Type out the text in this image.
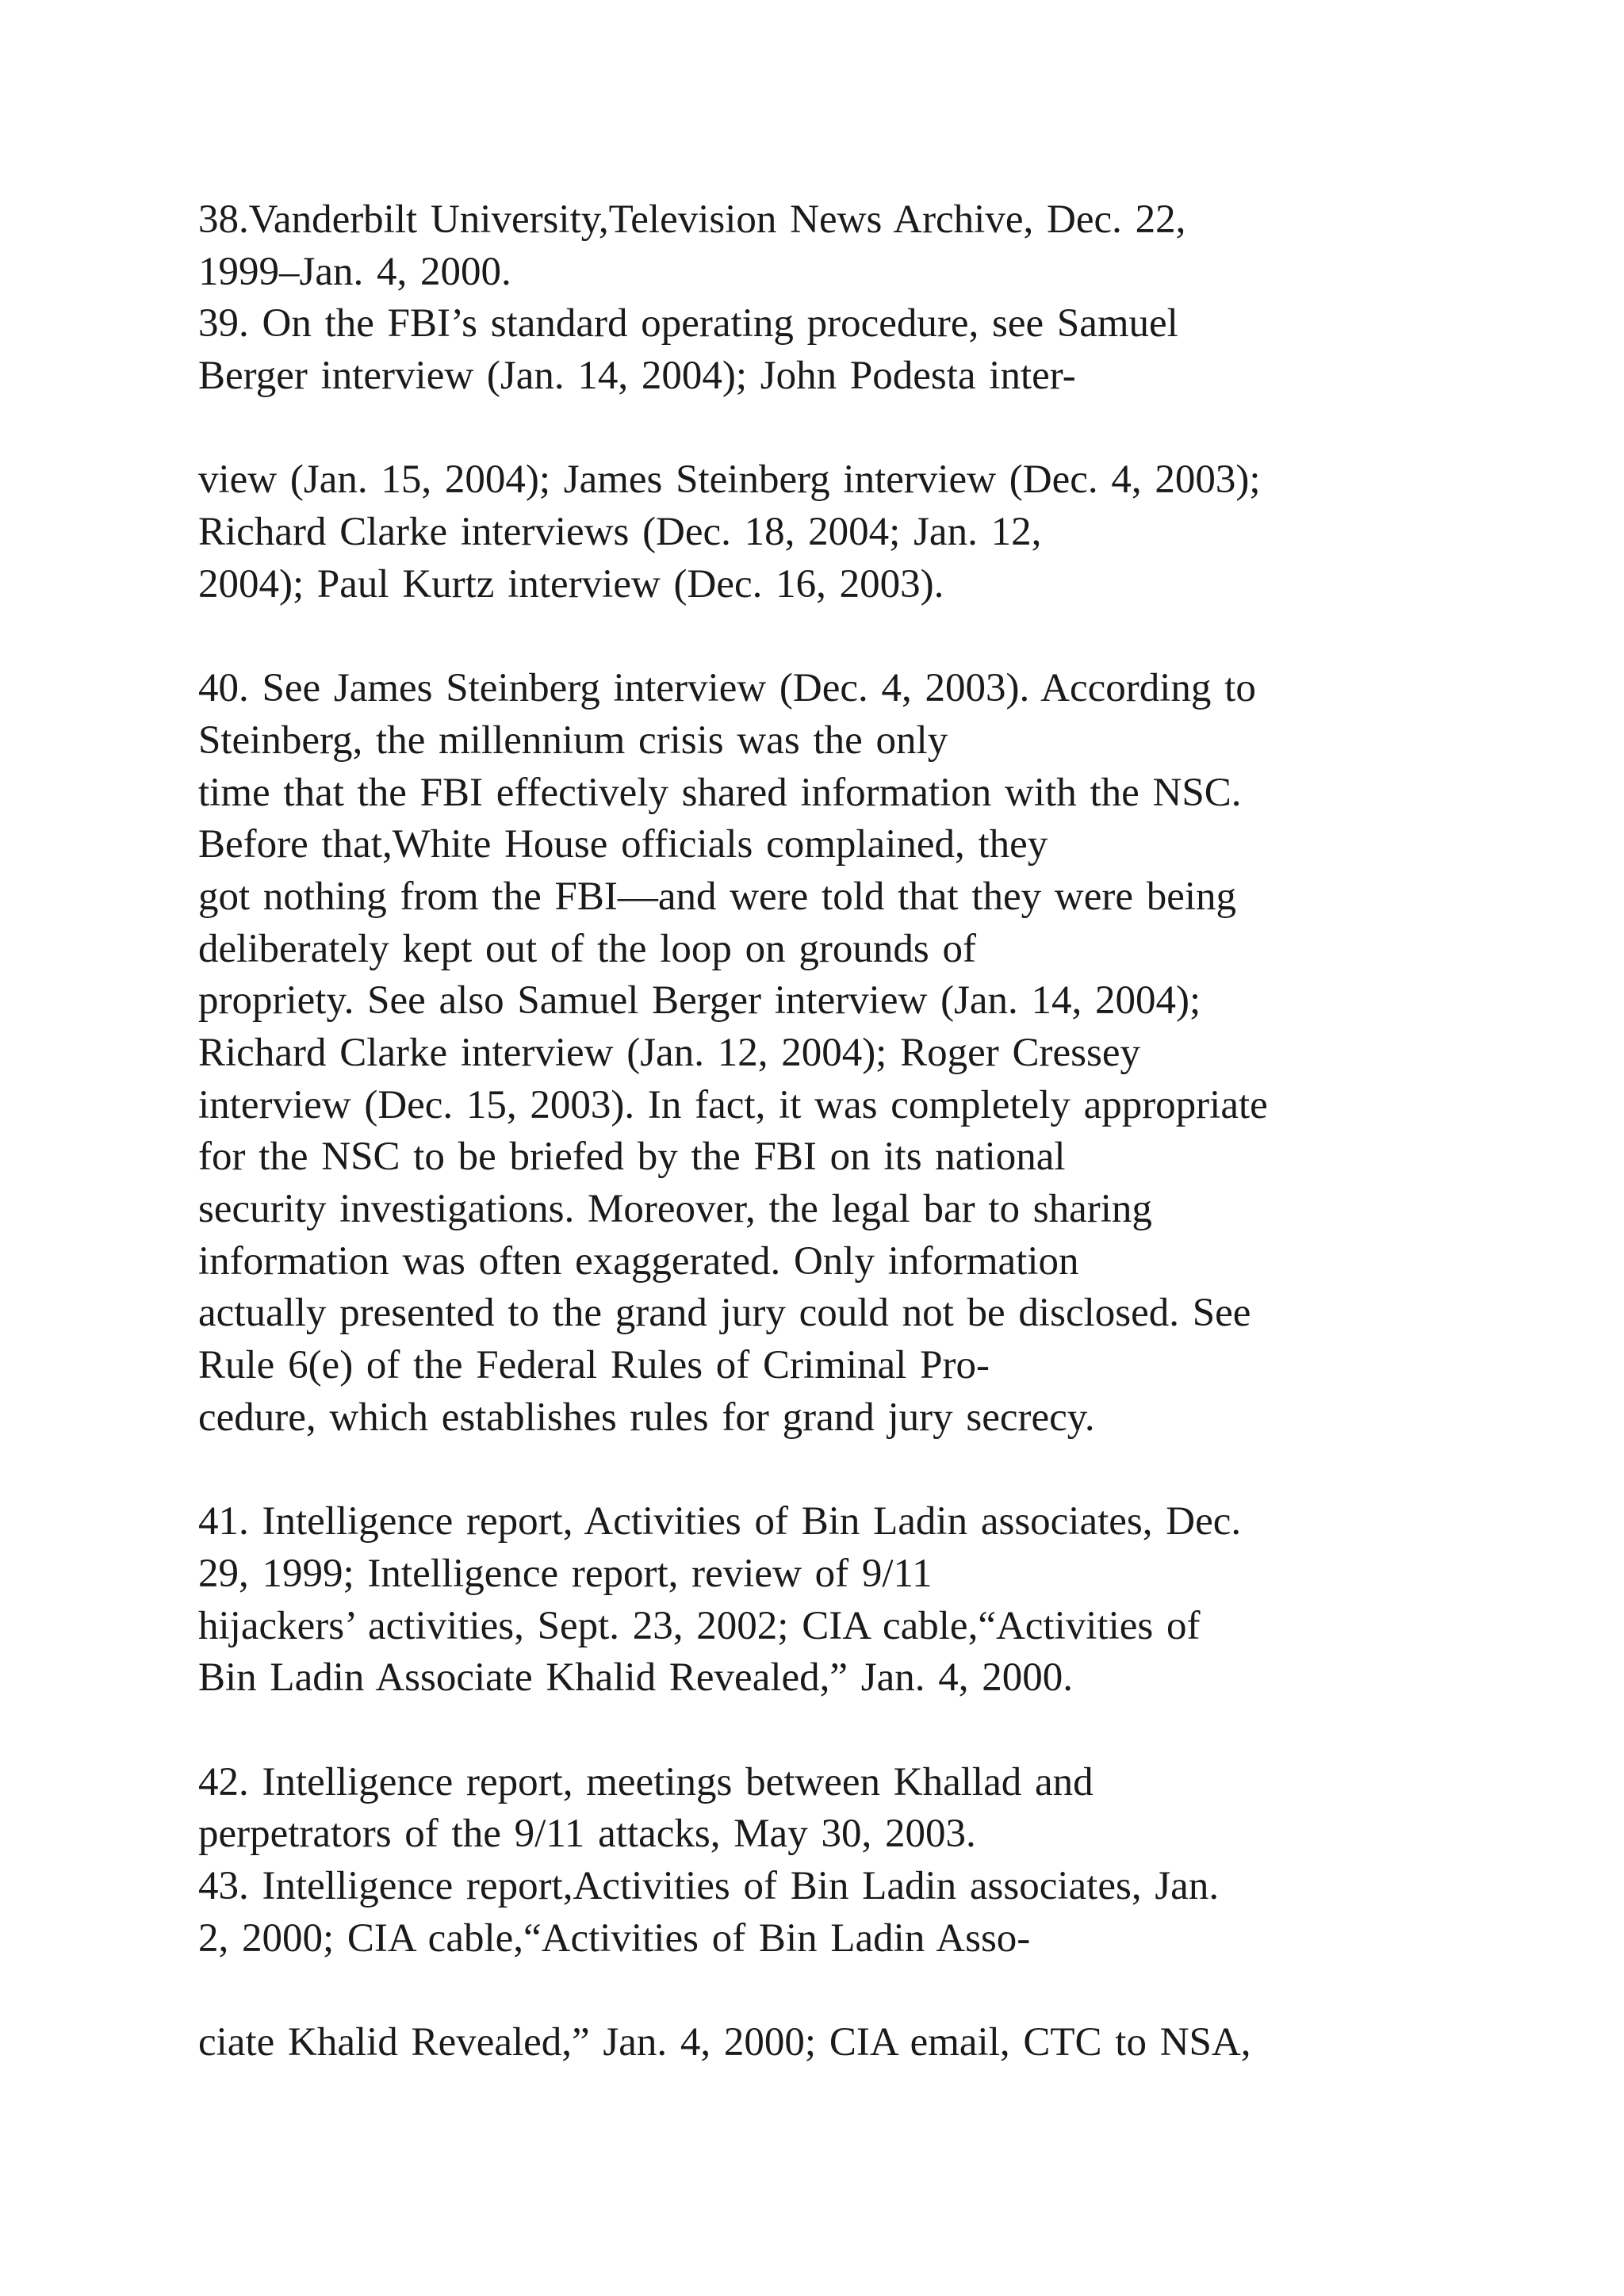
38.Vanderbilt University,Television News Archive, Dec. 22,
1999–Jan. 4, 2000.
39. On the FBI’s standard operating procedure, see Samuel
Berger interview (Jan. 14, 2004); John Podesta inter-
view (Jan. 15, 2004); James Steinberg interview (Dec. 4, 2003);
Richard Clarke interviews (Dec. 18, 2004; Jan. 12,
2004); Paul Kurtz interview (Dec. 16, 2003).
40. See James Steinberg interview (Dec. 4, 2003). According to
Steinberg, the millennium crisis was the only
time that the FBI effectively shared information with the NSC.
Before that,White House officials complained, they
got nothing from the FBI—and were told that they were being
deliberately kept out of the loop on grounds of
propriety. See also Samuel Berger interview (Jan. 14, 2004);
Richard Clarke interview (Jan. 12, 2004); Roger Cressey
interview (Dec. 15, 2003). In fact, it was completely appropriate
for the NSC to be briefed by the FBI on its national
security investigations. Moreover, the legal bar to sharing
information was often exaggerated. Only information
actually presented to the grand jury could not be disclosed. See
Rule 6(e) of the Federal Rules of Criminal Pro-
cedure, which establishes rules for grand jury secrecy.
41. Intelligence report, Activities of Bin Ladin associates, Dec.
29, 1999; Intelligence report, review of 9/11
hijackers’ activities, Sept. 23, 2002; CIA cable,“Activities of
Bin Ladin Associate Khalid Revealed,” Jan. 4, 2000.
42. Intelligence report, meetings between Khallad and
perpetrators of the 9/11 attacks, May 30, 2003.
43. Intelligence report,Activities of Bin Ladin associates, Jan.
2, 2000; CIA cable,“Activities of Bin Ladin Asso-
ciate Khalid Revealed,” Jan. 4, 2000; CIA email, CTC to NSA,
